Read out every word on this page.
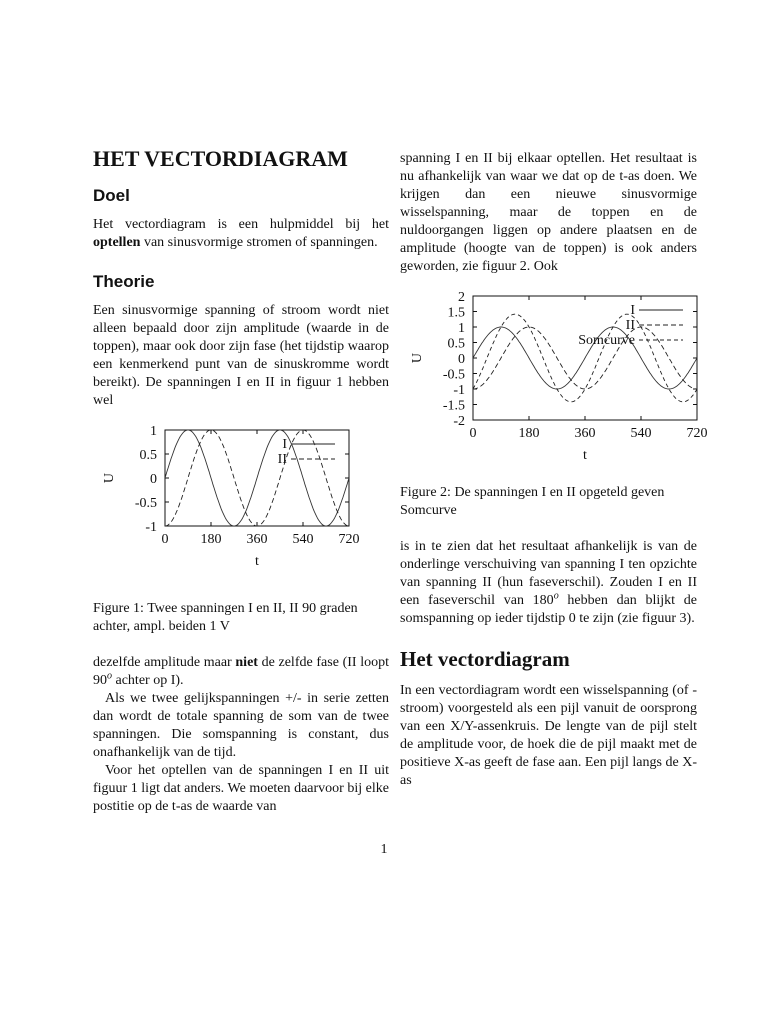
HET VECTORDIAGRAM
Doel

Het vectordiagram is een hulpmiddel bij het optellen van sinusvormige stromen of spanningen.

Theorie

Een sinusvormige spanning of stroom wordt niet alleen bepaald door zijn amplitude (waarde in de toppen), maar ook door zijn fase (het tijdstip waarop een kenmerkend punt van de sinuskromme wordt bereikt). De spanningen I en II in figuur 1 hebben wel

0 180 360 540 720
1
0.5
0
-0.5
-1
t
U
I
II

Figure 1: Twee spanningen I en II, II 90 graden achter, ampl. beiden 1 V

dezelfde amplitude maar niet de zelfde fase (II loopt 90$^o$ achter op I).

Als we twee gelijkspanningen +/- in serie zetten dan wordt de totale spanning de som van de twee spanningen. Die somspanning is constant, dus onafhankelijk van de tijd.

Voor het optellen van de spanningen I en II uit figuur 1 ligt dat anders. We moeten daarvoor bij elke postitie op de t-as de waarde van

spanning I en II bij elkaar optellen. Het resultaat is nu afhankelijk van waar we dat op de t-as doen. We krijgen dan een nieuwe sinusvormige wisselspanning, maar de toppen en de nuldoorgangen liggen op andere plaatsen en de amplitude (hoogte van de toppen) is ook anders geworden, zie figuur 2. Ook

0	180	360	540	720
2
1.5
1
0.5
0
-0.5
-1
-1.5
-2
t
U
I
II
Somcurve

Figure 2: De spanningen I en II opgeteld geven Somcurve

is in te zien dat het resultaat afhankelijk is van de onderlinge verschuiving van spanning I ten opzichte van spanning II (hun faseverschil). Zouden I en II een faseverschil van 180$^o$ hebben dan blijkt de somspanning op ieder tijdstip 0 te zijn (zie figuur 3).

Het vectordiagram

In een vectordiagram wordt een wisselspanning (of -stroom) voorgesteld als een pijl vanuit de oorsprong van een X/Y-assenkruis. De lengte van de pijl stelt de amplitude voor, de hoek die de pijl maakt met de positieve X-as geeft de fase aan. Een pijl langs de X-as

1
